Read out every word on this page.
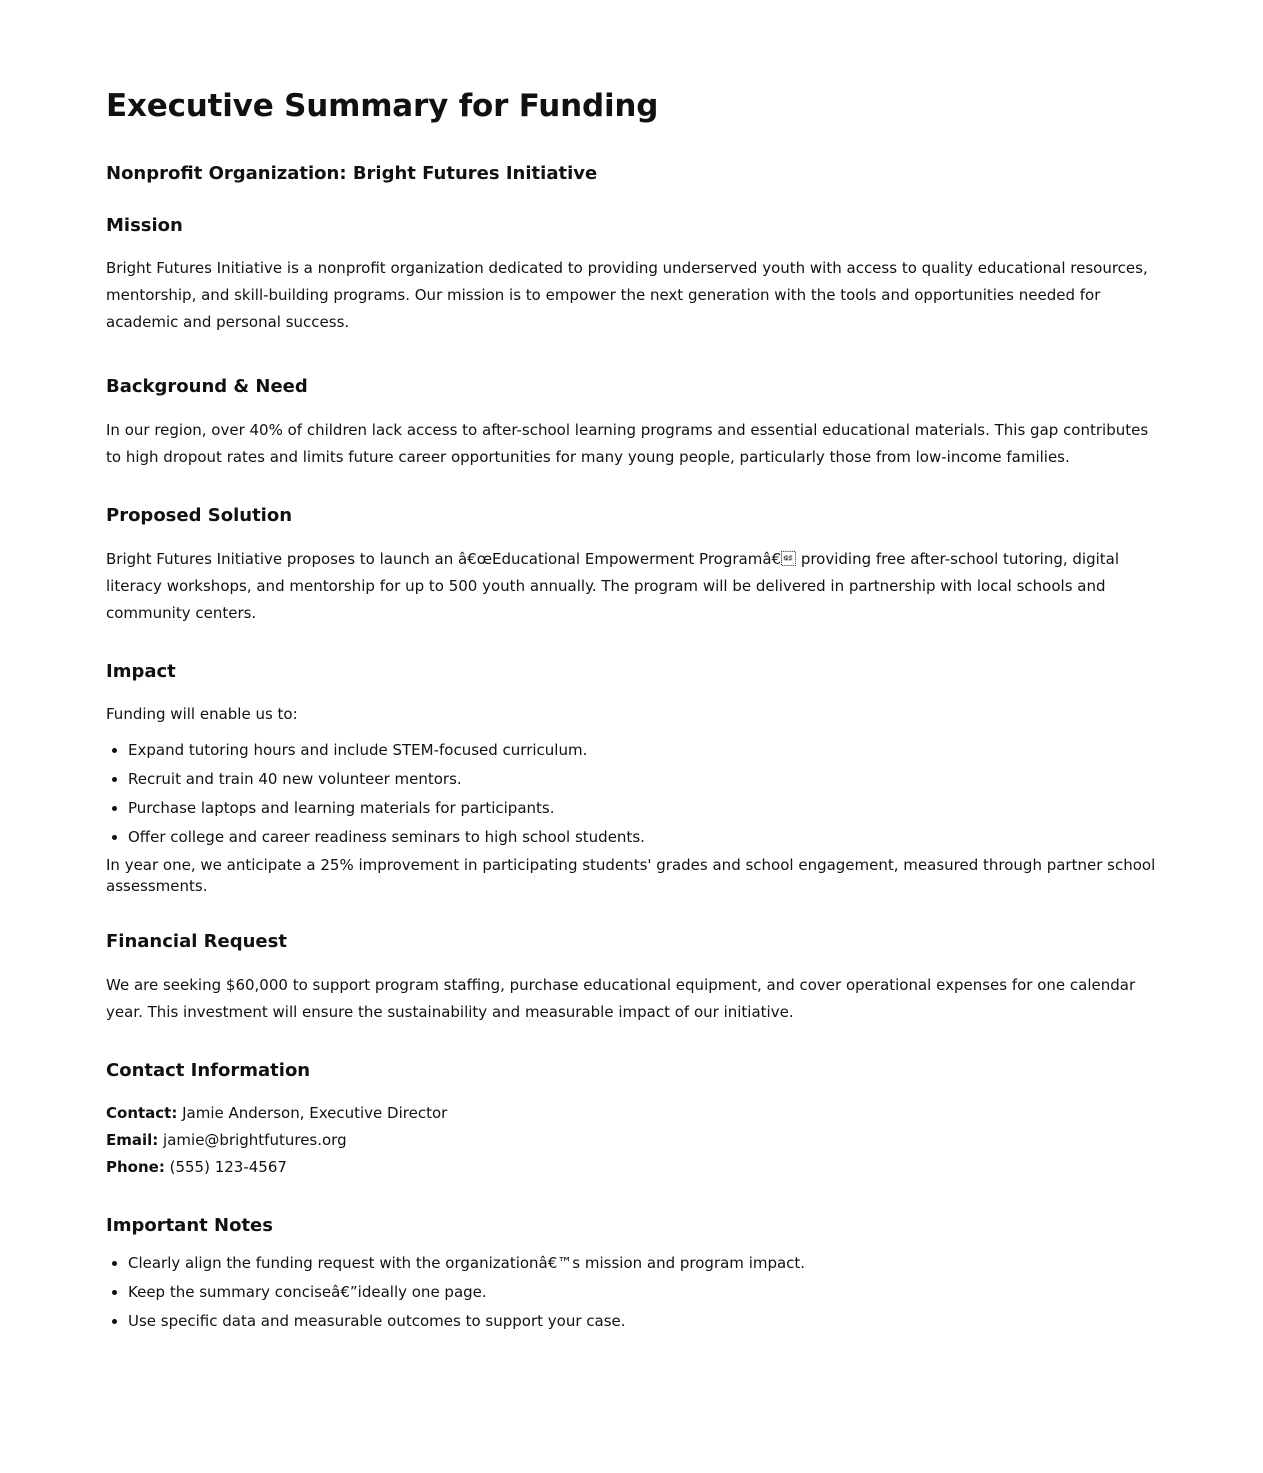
Executive Summary for Funding
Nonprofit Organization: Bright Futures Initiative
Mission

Bright Futures Initiative is a nonprofit organization dedicated to providing underserved youth with access to quality educational resources, mentorship, and skill-building programs. Our mission is to empower the next generation with the tools and opportunities needed for academic and personal success.

Background & Need

In our region, over 40% of children lack access to after-school learning programs and essential educational materials. This gap contributes to high dropout rates and limits future career opportunities for many young people, particularly those from low-income families.

Proposed Solution

Bright Futures Initiative proposes to launch an â€œEducational Empowerment Programâ€ providing free after-school tutoring, digital literacy workshops, and mentorship for up to 500 youth annually. The program will be delivered in partnership with local schools and community centers.

Impact

Funding will enable us to:

• Expand tutoring hours and include STEM-focused curriculum.
• Recruit and train 40 new volunteer mentors.
• Purchase laptops and learning materials for participants.
• Offer college and career readiness seminars to high school students.
In year one, we anticipate a 25% improvement in participating students' grades and school engagement, measured through partner school assessments.
Financial Request

We are seeking $60,000 to support program staffing, purchase educational equipment, and cover operational expenses for one calendar year. This investment will ensure the sustainability and measurable impact of our initiative.

Contact Information
Contact: Jamie Anderson, Executive Director
Email: jamie@brightfutures.org
Phone: (555) 123-4567
Important Notes
• Clearly align the funding request with the organizationâ€™s mission and program impact.
• Keep the summary conciseâ€”ideally one page.
• Use specific data and measurable outcomes to support your case.
